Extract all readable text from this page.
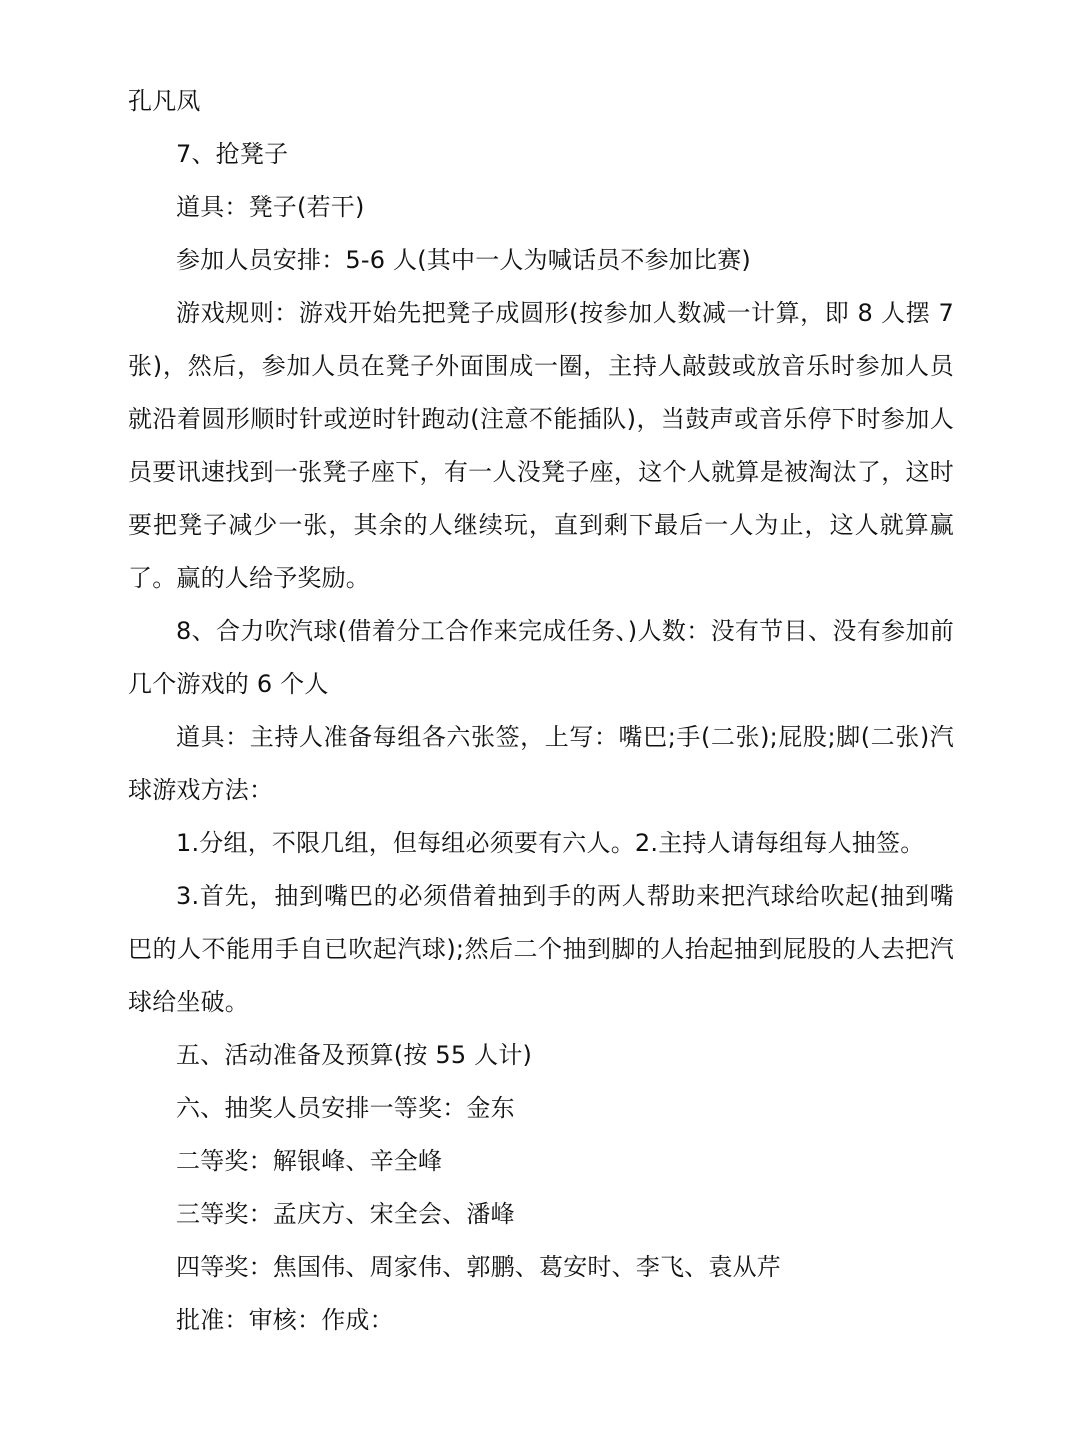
孔凡凤

7、抢凳子

道具：凳子(若干)

参加人员安排：5-6 人(其中一人为喊话员不参加比赛)

游戏规则：游戏开始先把凳子成圆形(按参加人数减一计算，即 8 人摆 7 张)，然后，参加人员在凳子外面围成一圈，主持人敲鼓或放音乐时参加人员就沿着圆形顺时针或逆时针跑动(注意不能插队)，当鼓声或音乐停下时参加人员要讯速找到一张凳子座下，有一人没凳子座，这个人就算是被淘汰了，这时要把凳子减少一张，其余的人继续玩，直到剩下最后一人为止，这人就算赢了。赢的人给予奖励。

8、合力吹汽球(借着分工合作来完成任务、)人数：没有节目、没有参加前几个游戏的 6 个人

道具：主持人准备每组各六张签，上写：嘴巴;手(二张);屁股;脚(二张)汽球游戏方法：

1.分组，不限几组，但每组必须要有六人。2.主持人请每组每人抽签。

3.首先，抽到嘴巴的必须借着抽到手的两人帮助来把汽球给吹起(抽到嘴巴的人不能用手自已吹起汽球);然后二个抽到脚的人抬起抽到屁股的人去把汽球给坐破。

五、活动准备及预算(按 55 人计)

六、抽奖人员安排一等奖：金东

二等奖：解银峰、辛全峰

三等奖：孟庆方、宋全会、潘峰

四等奖：焦国伟、周家伟、郭鹏、葛安时、李飞、袁从芹

批准：审核：作成：
